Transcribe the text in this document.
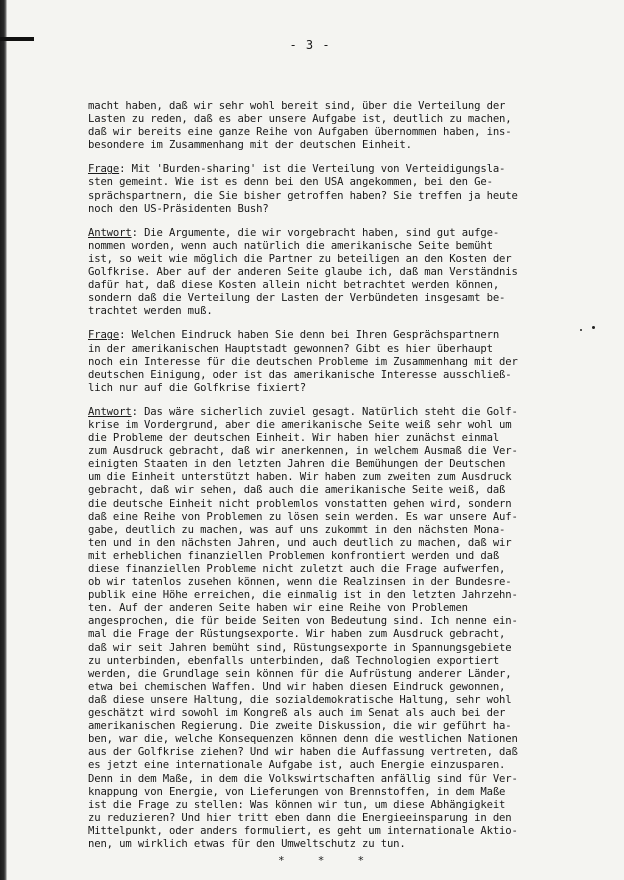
- 3 -
macht haben, daß wir sehr wohl bereit sind, über die Verteilung der
Lasten zu reden, daß es aber unsere Aufgabe ist, deutlich zu machen,
daß wir bereits eine ganze Reihe von Aufgaben übernommen haben, ins-
besondere im Zusammenhang mit der deutschen Einheit.
Frage: Mit 'Burden-sharing' ist die Verteilung von Verteidigungsla-
sten gemeint. Wie ist es denn bei den USA angekommen, bei den Ge-
sprächspartnern, die Sie bisher getroffen haben? Sie treffen ja heute
noch den US-Präsidenten Bush?
Antwort: Die Argumente, die wir vorgebracht haben, sind gut aufge-
nommen worden, wenn auch natürlich die amerikanische Seite bemüht
ist, so weit wie möglich die Partner zu beteiligen an den Kosten der
Golfkrise. Aber auf der anderen Seite glaube ich, daß man Verständnis
dafür hat, daß diese Kosten allein nicht betrachtet werden können,
sondern daß die Verteilung der Lasten der Verbündeten insgesamt be-
trachtet werden muß.
Frage: Welchen Eindruck haben Sie denn bei Ihren Gesprächspartnern
in der amerikanischen Hauptstadt gewonnen? Gibt es hier überhaupt
noch ein Interesse für die deutschen Probleme im Zusammenhang mit der
deutschen Einigung, oder ist das amerikanische Interesse ausschließ-
lich nur auf die Golfkrise fixiert?
Antwort: Das wäre sicherlich zuviel gesagt. Natürlich steht die Golf-
krise im Vordergrund, aber die amerikanische Seite weiß sehr wohl um
die Probleme der deutschen Einheit. Wir haben hier zunächst einmal
zum Ausdruck gebracht, daß wir anerkennen, in welchem Ausmaß die Ver-
einigten Staaten in den letzten Jahren die Bemühungen der Deutschen
um die Einheit unterstützt haben. Wir haben zum zweiten zum Ausdruck
gebracht, daß wir sehen, daß auch die amerikanische Seite weiß, daß
die deutsche Einheit nicht problemlos vonstatten gehen wird, sondern
daß eine Reihe von Problemen zu lösen sein werden. Es war unsere Auf-
gabe, deutlich zu machen, was auf uns zukommt in den nächsten Mona-
ten und in den nächsten Jahren, und auch deutlich zu machen, daß wir
mit erheblichen finanziellen Problemen konfrontiert werden und daß
diese finanziellen Probleme nicht zuletzt auch die Frage aufwerfen,
ob wir tatenlos zusehen können, wenn die Realzinsen in der Bundesre-
publik eine Höhe erreichen, die einmalig ist in den letzten Jahrzehn-
ten. Auf der anderen Seite haben wir eine Reihe von Problemen
angesprochen, die für beide Seiten von Bedeutung sind. Ich nenne ein-
mal die Frage der Rüstungsexporte. Wir haben zum Ausdruck gebracht,
daß wir seit Jahren bemüht sind, Rüstungsexporte in Spannungsgebiete
zu unterbinden, ebenfalls unterbinden, daß Technologien exportiert
werden, die Grundlage sein können für die Aufrüstung anderer Länder,
etwa bei chemischen Waffen. Und wir haben diesen Eindruck gewonnen,
daß diese unsere Haltung, die sozialdemokratische Haltung, sehr wohl
geschätzt wird sowohl im Kongreß als auch im Senat als auch bei der
amerikanischen Regierung. Die zweite Diskussion, die wir geführt ha-
ben, war die, welche Konsequenzen können denn die westlichen Nationen
aus der Golfkrise ziehen? Und wir haben die Auffassung vertreten, daß
es jetzt eine internationale Aufgabe ist, auch Energie einzusparen.
Denn in dem Maße, in dem die Volkswirtschaften anfällig sind für Ver-
knappung von Energie, von Lieferungen von Brennstoffen, in dem Maße
ist die Frage zu stellen: Was können wir tun, um diese Abhängigkeit
zu reduzieren? Und hier tritt eben dann die Energieeinsparung in den
Mittelpunkt, oder anders formuliert, es geht um internationale Aktio-
nen, um wirklich etwas für den Umweltschutz zu tun.
*     *     *
